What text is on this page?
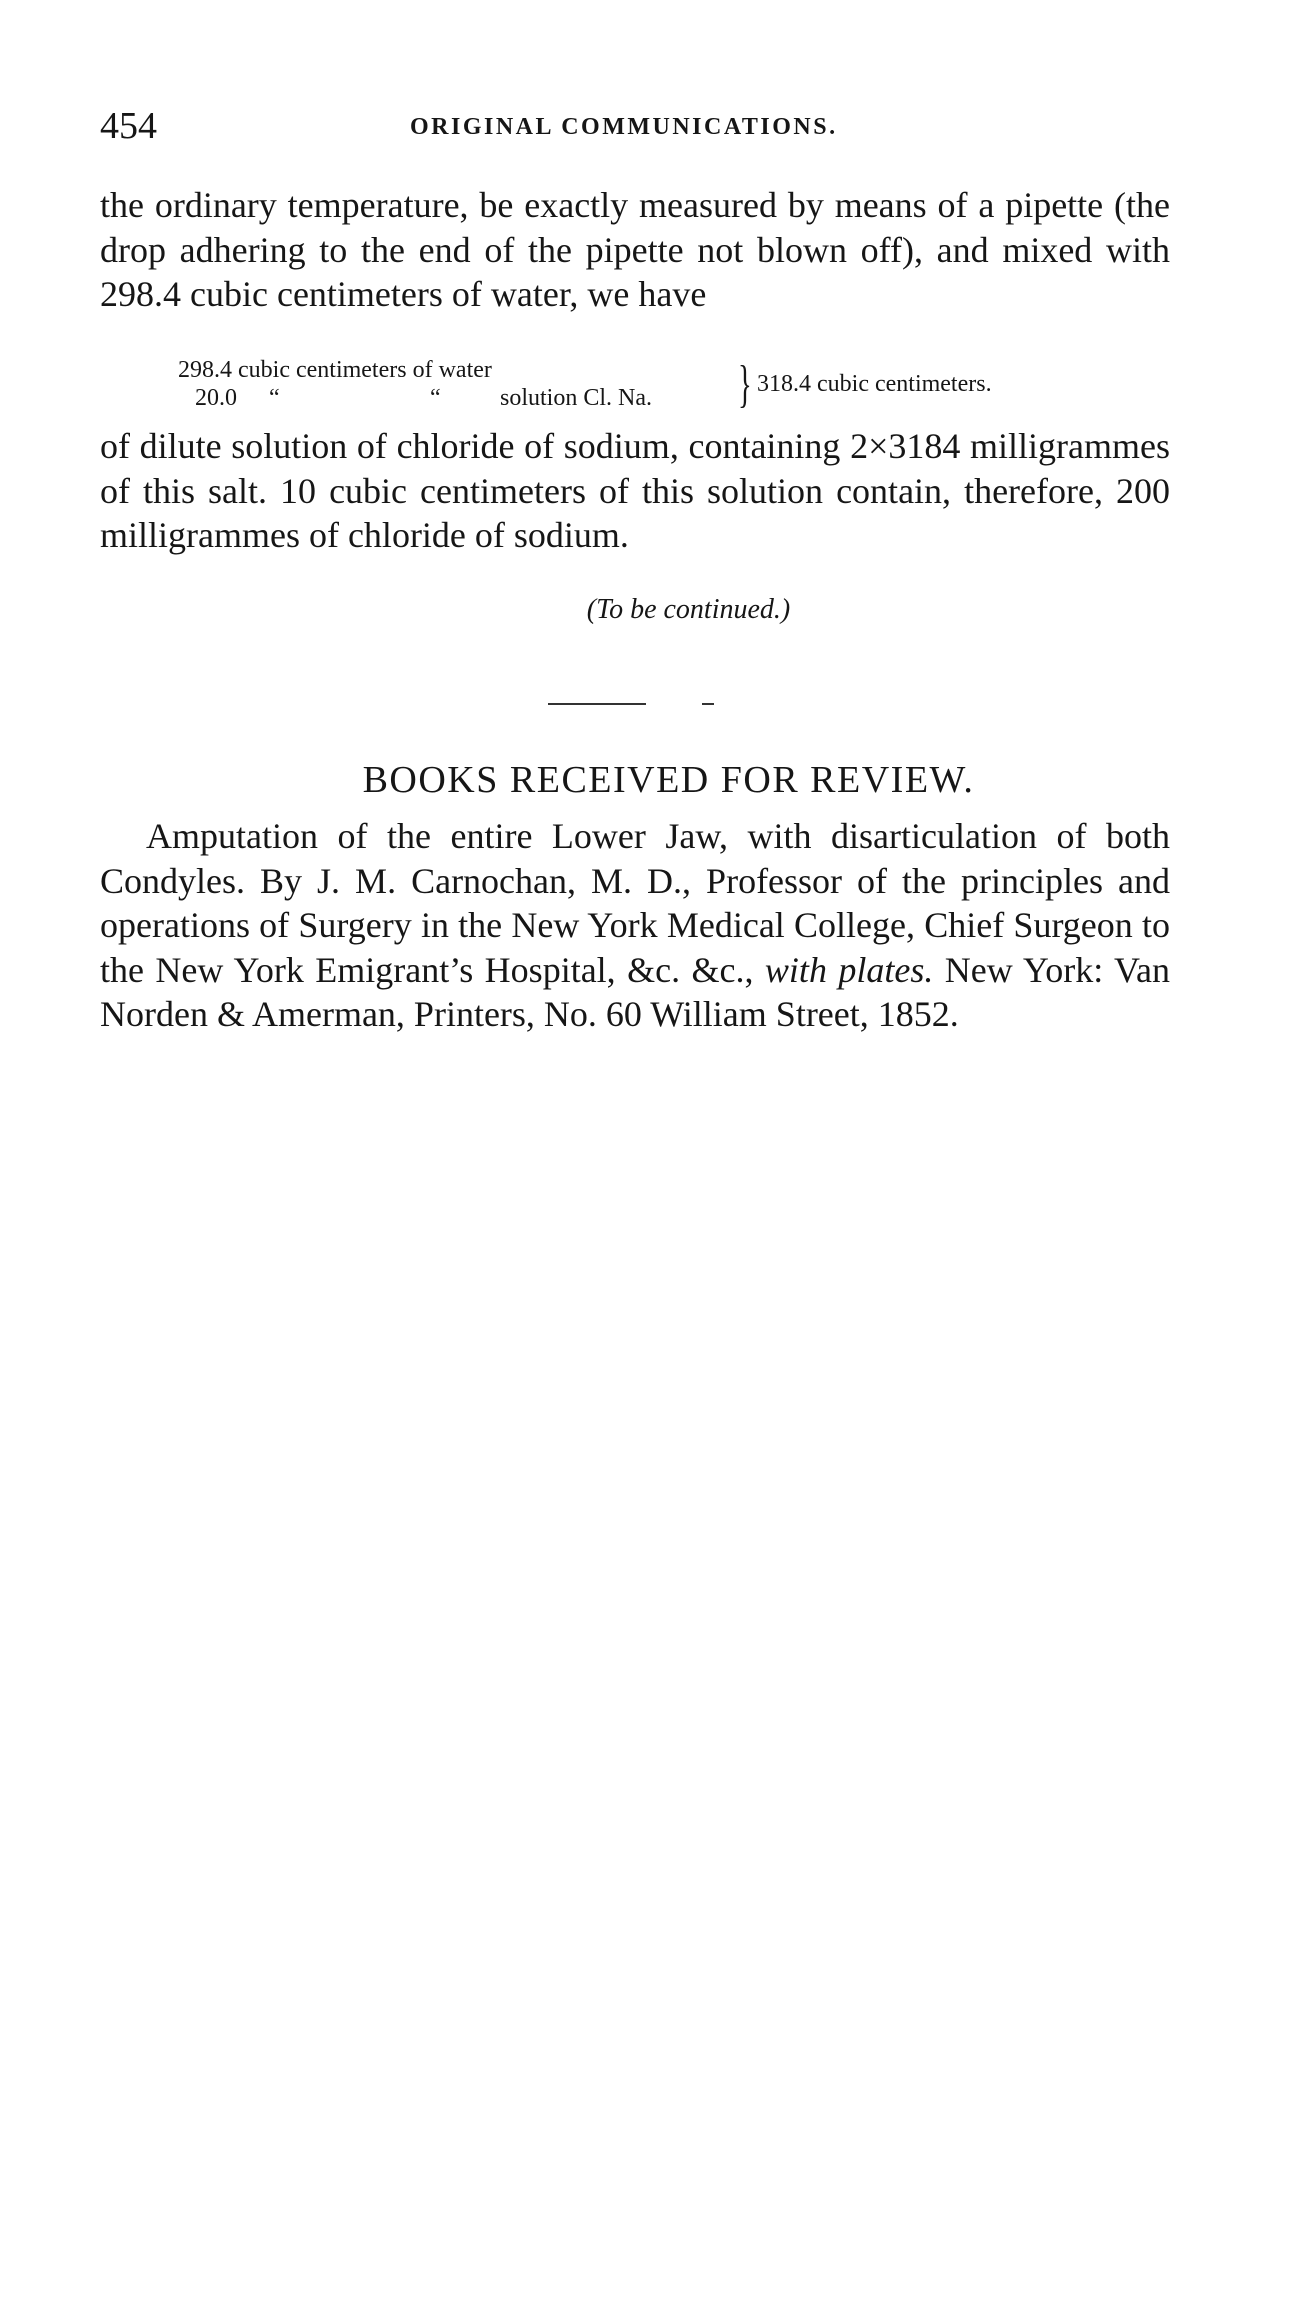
454	ORIGINAL COMMUNICATIONS.

the ordinary temperature, be exactly measured by means of a pipette (the drop adhering to the end of the pipette not blown off), and mixed with 298.4 cubic centimeters of water, we have

298.4 cubic centimeters of water
20.0 “	“ solution Cl. Na. } 318.4 cubic centimeters.

of dilute solution of chloride of sodium, containing 2×3184 milligrammes of this salt. 10 cubic centimeters of this solution contain, therefore, 200 milligrammes of chloride of sodium.

(To be continued.)
BOOKS RECEIVED FOR REVIEW.

Amputation of the entire Lower Jaw, with disarticulation of both Condyles. By J. M. Carnochan, M. D., Professor of the principles and operations of Surgery in the New York Medical College, Chief Surgeon to the New York Emigrant’s Hospital, &c. &c., with plates. New York: Van Norden & Amerman, Printers, No. 60 William Street, 1852.
